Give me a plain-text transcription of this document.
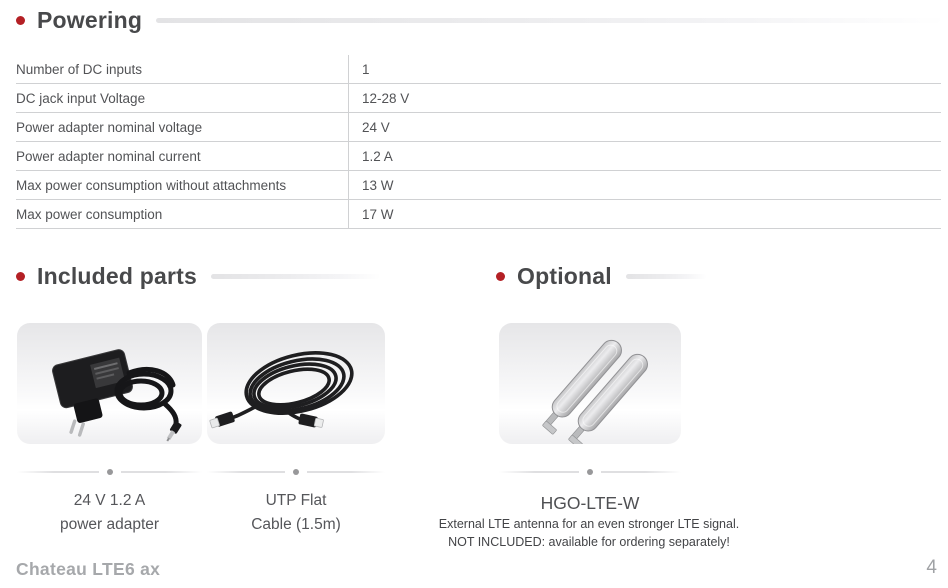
Powering
Number of DC inputs	1
DC jack input Voltage	12-28 V
Power adapter nominal voltage	24 V
Power adapter nominal current	1.2 A
Max power consumption without attachments	13 W
Max power consumption	17 W
Included parts	Optional
24 V 1.2 A
power adapter
UTP Flat
Cable (1.5m)
HGO-LTE-W
External LTE antenna for an even stronger LTE signal.
NOT INCLUDED: available for ordering separately!
Chateau LTE6 ax	4
